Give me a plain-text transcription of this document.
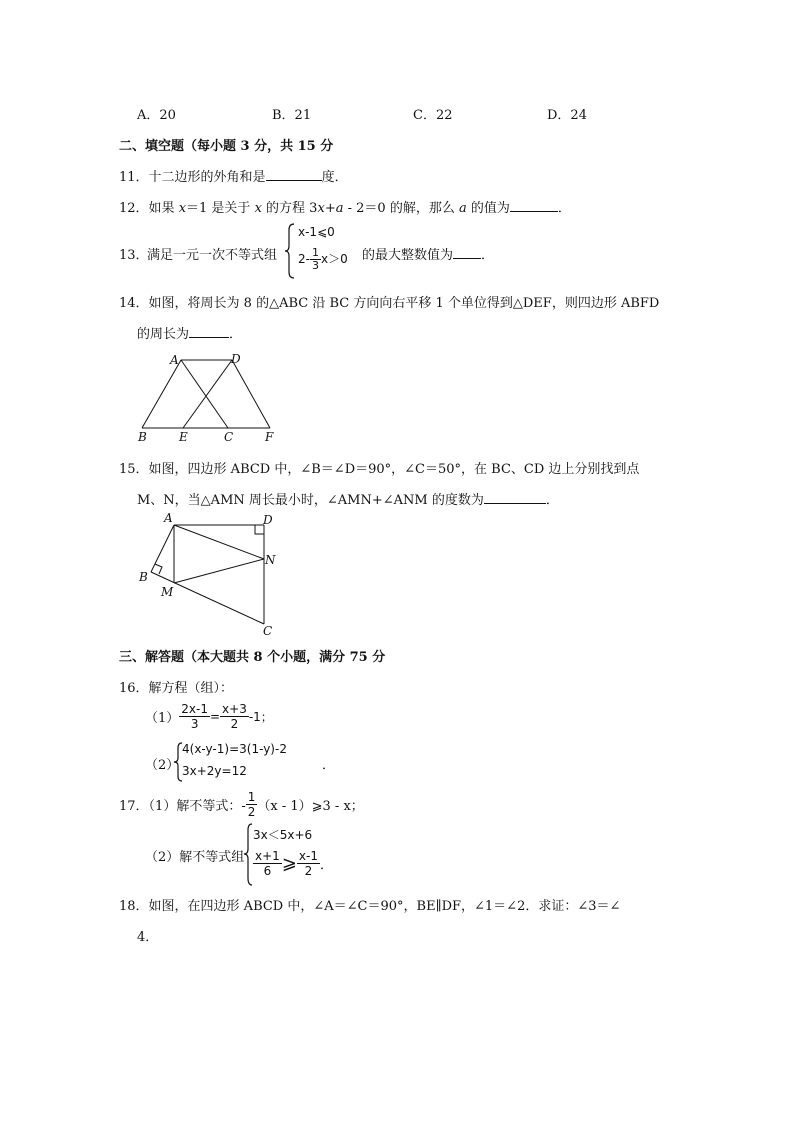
A．20	B．21	C．22	D．24
二、填空题（每小题 3 分，共 15 分
11．十二边形的外角和是	度．
12．如果 x＝1 是关于 x 的方程 3x+a - 2＝0 的解，那么 a 的值为	．
13．
满足一元一次不等式组
x-1⩽0
$2- \frac{1}{3} x>0$ 的最大整数值为 ．
14．如图，将周长为 8 的△ABC 沿 BC 方向向右平移 1 个单位得到△DEF，则四边形 ABFD
的周长为	．
A	D
B	E	C	F
15．如图，四边形 ABCD 中，∠B＝∠D＝90°，∠C＝50°，在 BC、CD 边上分别找到点
M、N，当△AMN 周长最小时，∠AMN+∠ANM 的度数为	．
A	D
N
B
M
C
三、解答题（本大题共 8 个小题，满分 75 分
16．解方程（组）：
$(1) \frac{2x-1}{3} = \frac{x+3}{2} -1$；
（2）
4(x-y-1)=3(1-y)-2
3x+2y=12	．
17．（1）解不等式：- $\frac{1}{2} (x$ - 1）⩾3 - x；
（2）解不等式组
3x＜5x+6
$\frac{x+1}{6}$ ⩾ $\frac{x-1}{2}$ ．
18．如图，在四边形 ABCD 中，∠A＝∠C＝90°，BE∥DF，∠1＝∠2．求证：∠3＝∠
4．
